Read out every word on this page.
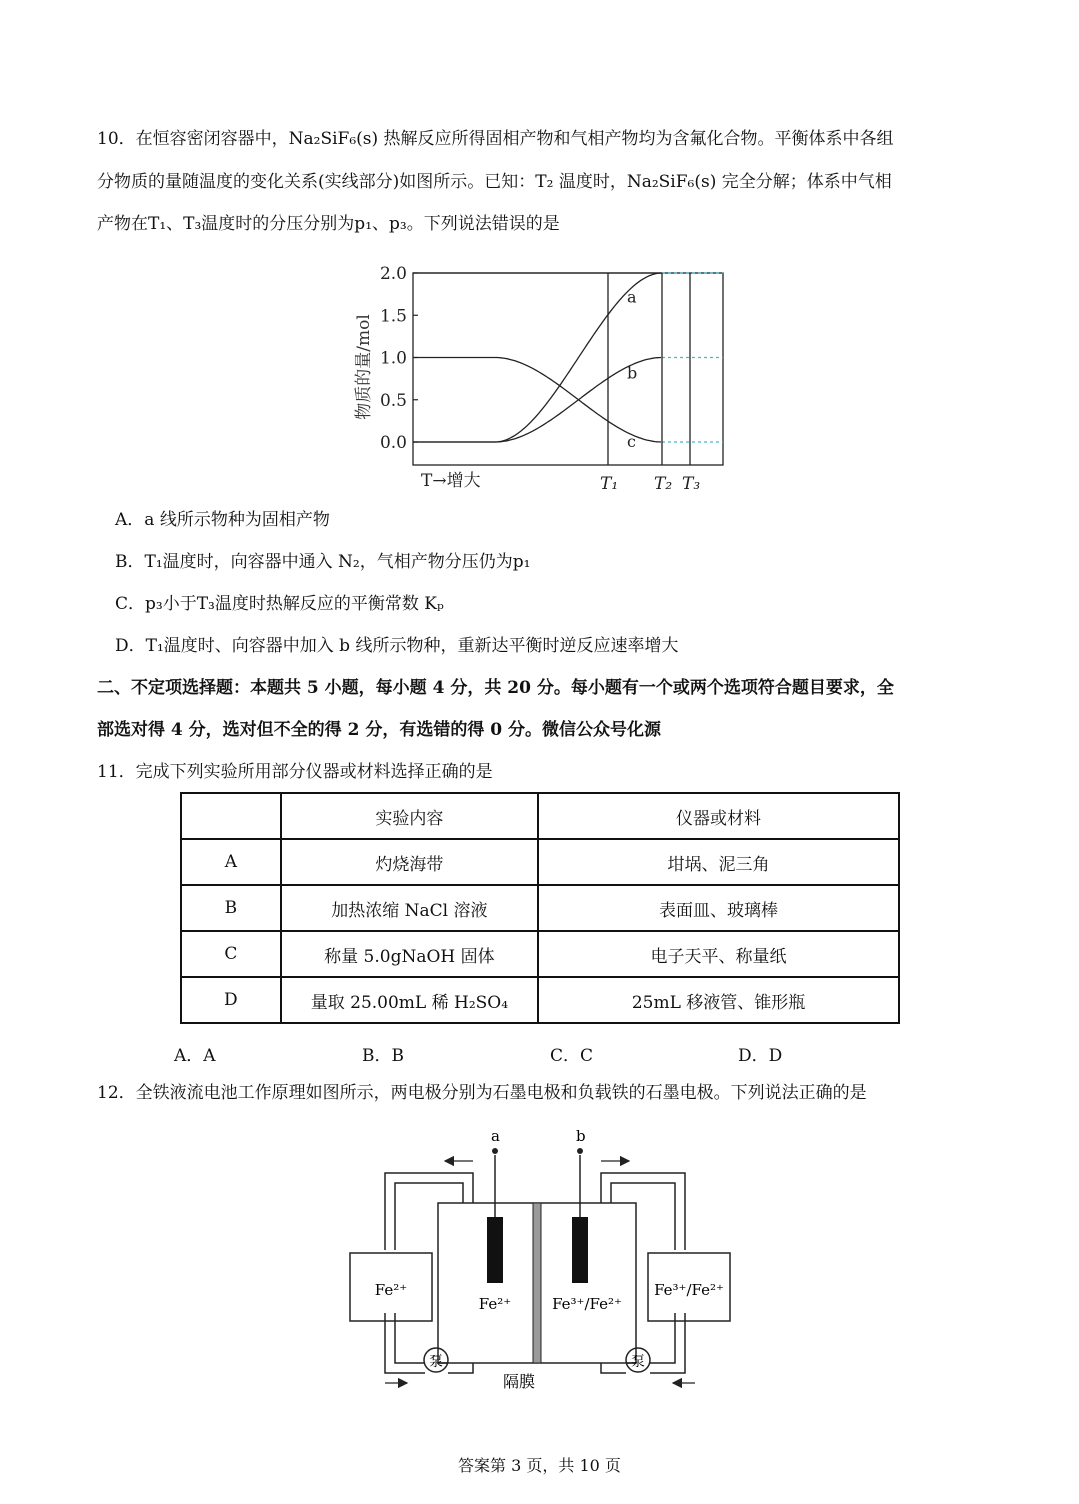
10．在恒容密闭容器中，Na₂SiF₆(s) 热解反应所得固相产物和气相产物均为含氟化合物。平衡体系中各组
分物质的量随温度的变化关系(实线部分)如图所示。已知：T₂ 温度时，Na₂SiF₆(s) 完全分解；体系中气相
产物在T₁、T₃温度时的分压分别为p₁、p₃。下列说法错误的是
2.0
1.5
1.0
0.5
0.0
物质的量/mol
a
b
c
T₁ T₂ T₃
T→增大
A．a 线所示物种为固相产物
B．T₁温度时，向容器中通入 N₂，气相产物分压仍为p₁
C．p₃小于T₃温度时热解反应的平衡常数 Kₚ
D．T₁温度时、向容器中加入 b 线所示物种，重新达平衡时逆反应速率增大
二、不定项选择题：本题共 5 小题，每小题 4 分，共 20 分。每小题有一个或两个选项符合题目要求，全
部选对得 4 分，选对但不全的得 2 分，有选错的得 0 分。微信公众号化源
11．完成下列实验所用部分仪器或材料选择正确的是
	实验内容	仪器或材料
A	灼烧海带	坩埚、泥三角
B	加热浓缩 NaCl 溶液	表面皿、玻璃棒
C	称量 5.0gNaOH 固体	电子天平、称量纸
D	量取 25.00mL 稀 H₂SO₄	25mL 移液管、锥形瓶
A．A	B．B	C．C	D．D
12．全铁液流电池工作原理如图所示，两电极分别为石墨电极和负载铁的石墨电极。下列说法正确的是
a	b
Fe²⁺
Fe²⁺	Fe³⁺/Fe²⁺
Fe³⁺/Fe²⁺
泵	泵
隔膜
答案第 3 页，共 10 页
